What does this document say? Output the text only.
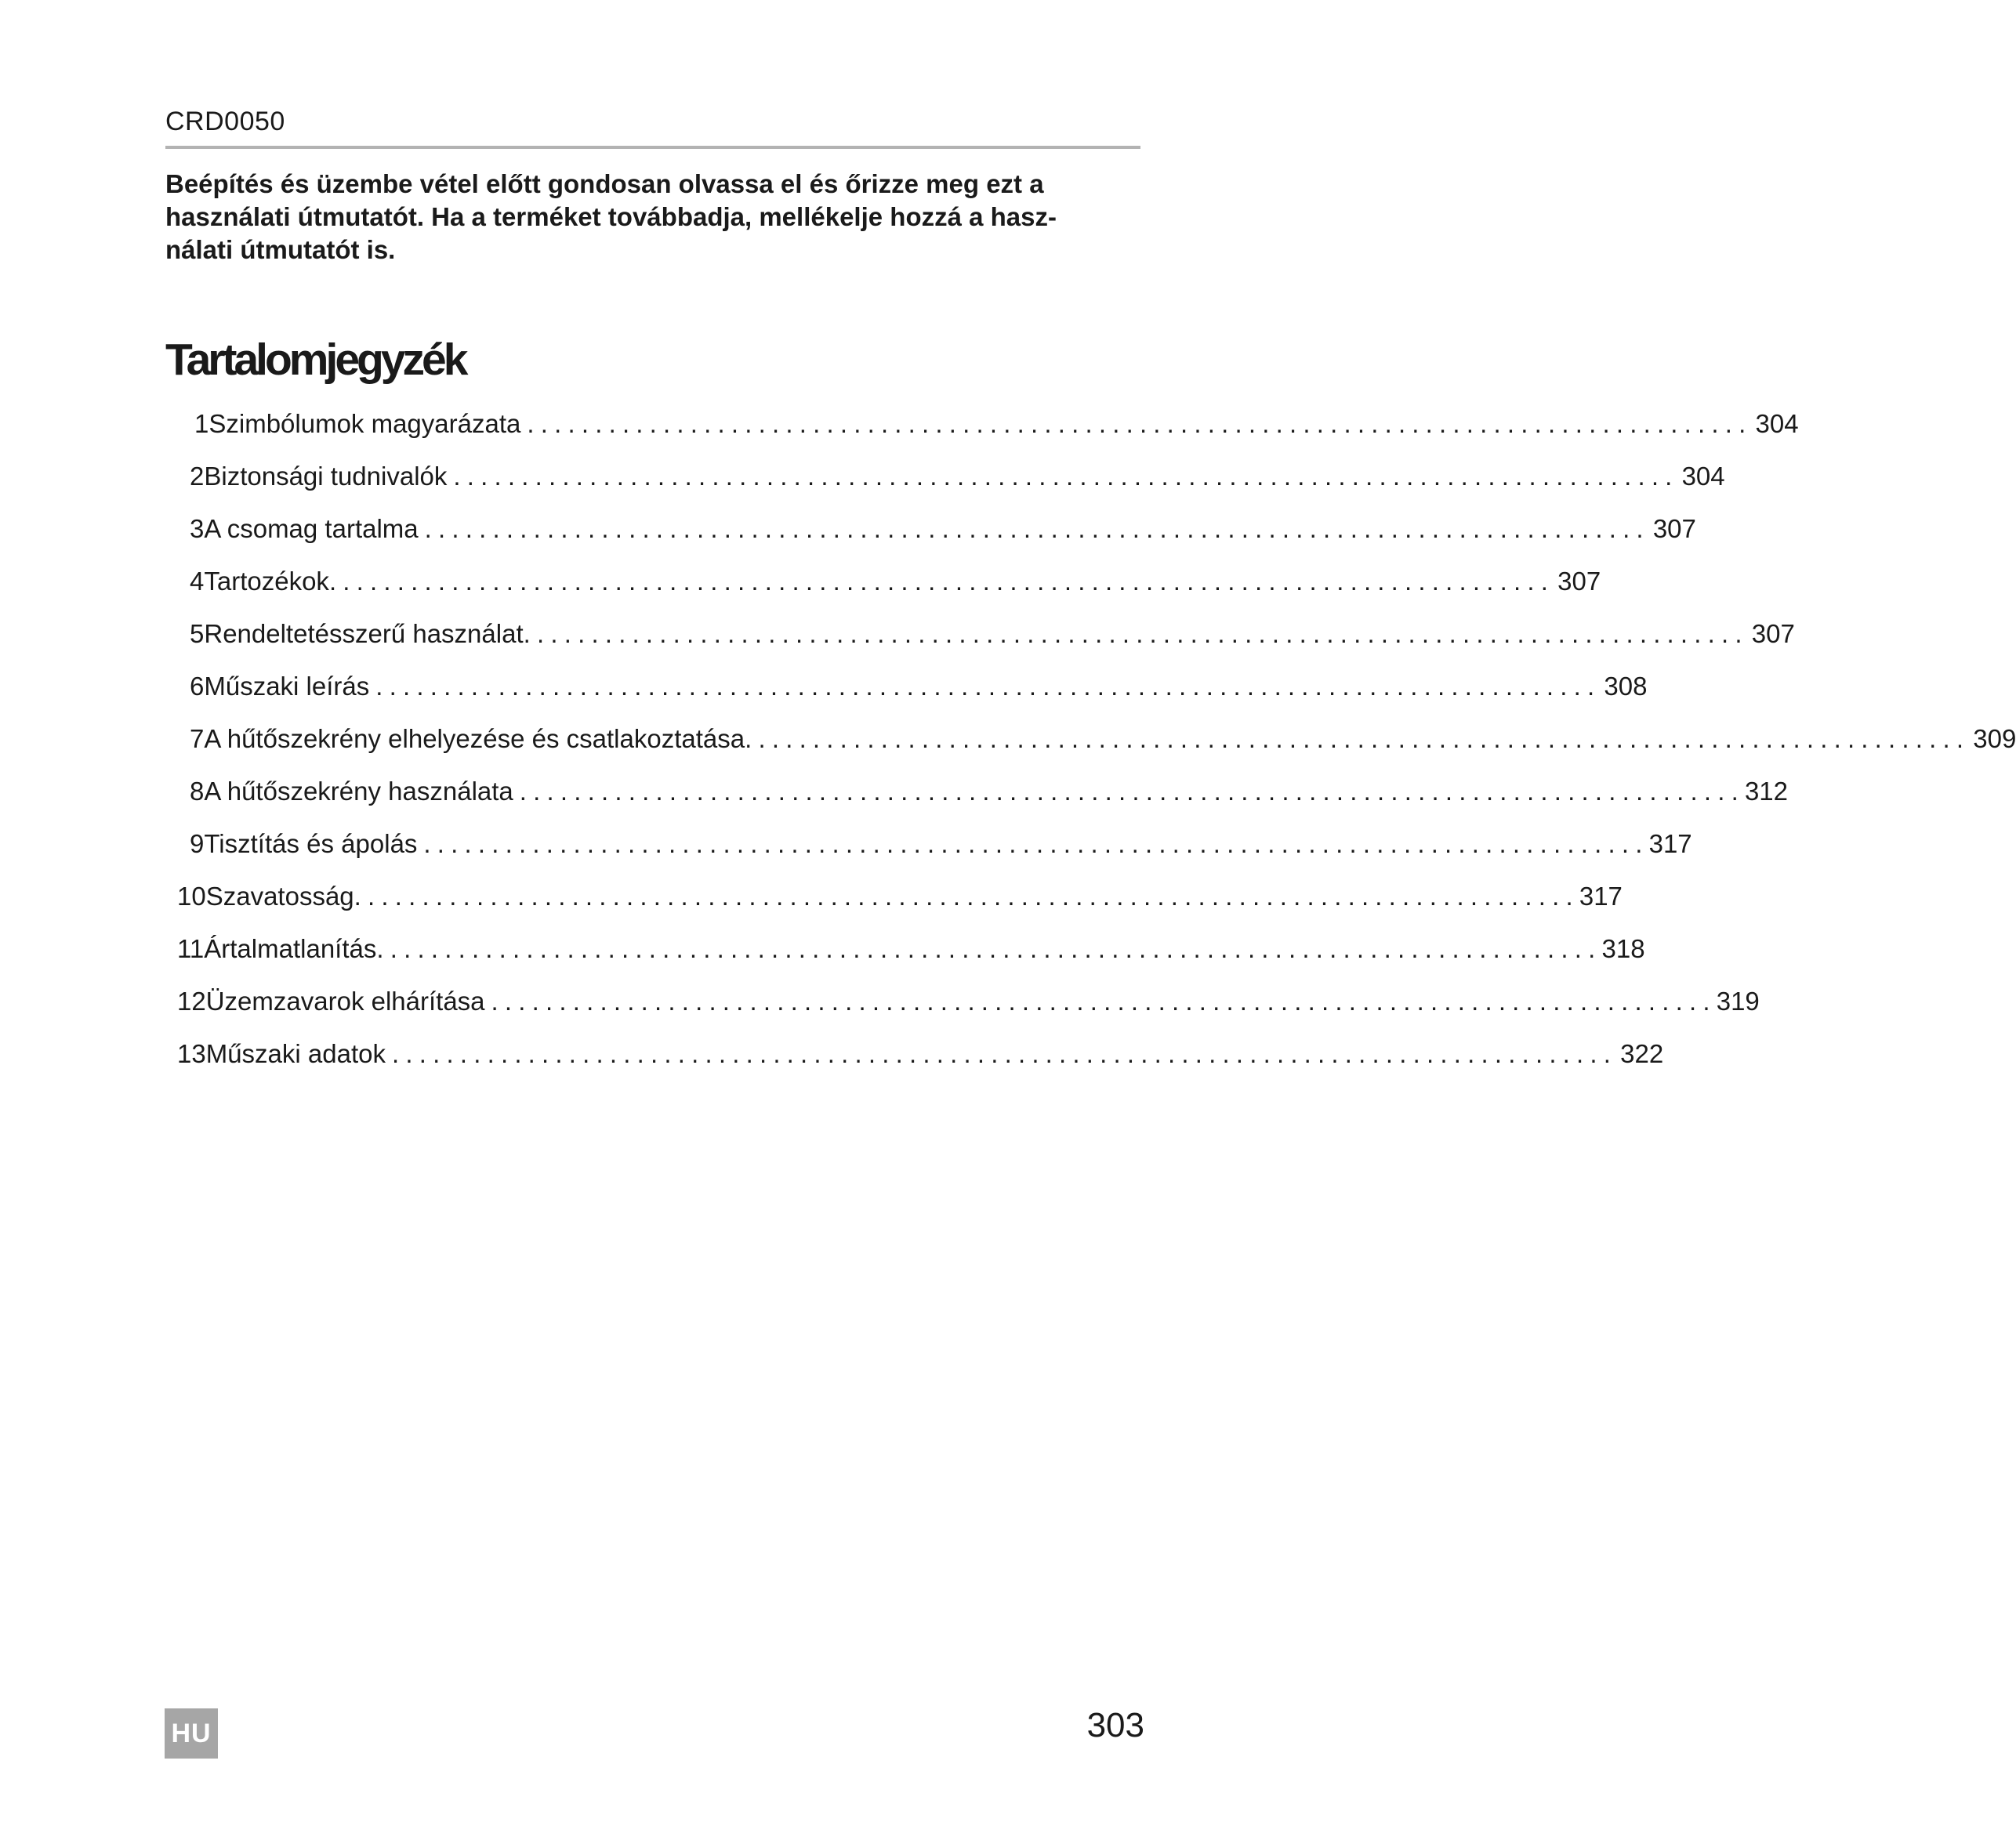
CRD0050

Beépítés és üzembe vétel előtt gondosan olvassa el és őrizze meg ezt a
használati útmutatót. Ha a terméket továbbadja, mellékelje hozzá a hasz-
nálati útmutatót is.

Tartalomjegyzék
1 Szimbólumok magyarázata .......................................................................................... 304
2 Biztonsági tudnivalók .......................................................................................... 304
3 A csomag tartalma .......................................................................................... 307
4 Tartozékok .......................................................................................... 307
5 Rendeltetésszerű használat .......................................................................................... 307
6 Műszaki leírás .......................................................................................... 308
7 A hűtőszekrény elhelyezése és csatlakoztatása .......................................................................................... 309
8 A hűtőszekrény használata .......................................................................................... 312
9 Tisztítás és ápolás .......................................................................................... 317
10 Szavatosság .......................................................................................... 317
11 Ártalmatlanítás .......................................................................................... 318
12 Üzemzavarok elhárítása .......................................................................................... 319
13 Műszaki adatok .......................................................................................... 322
HU	303
